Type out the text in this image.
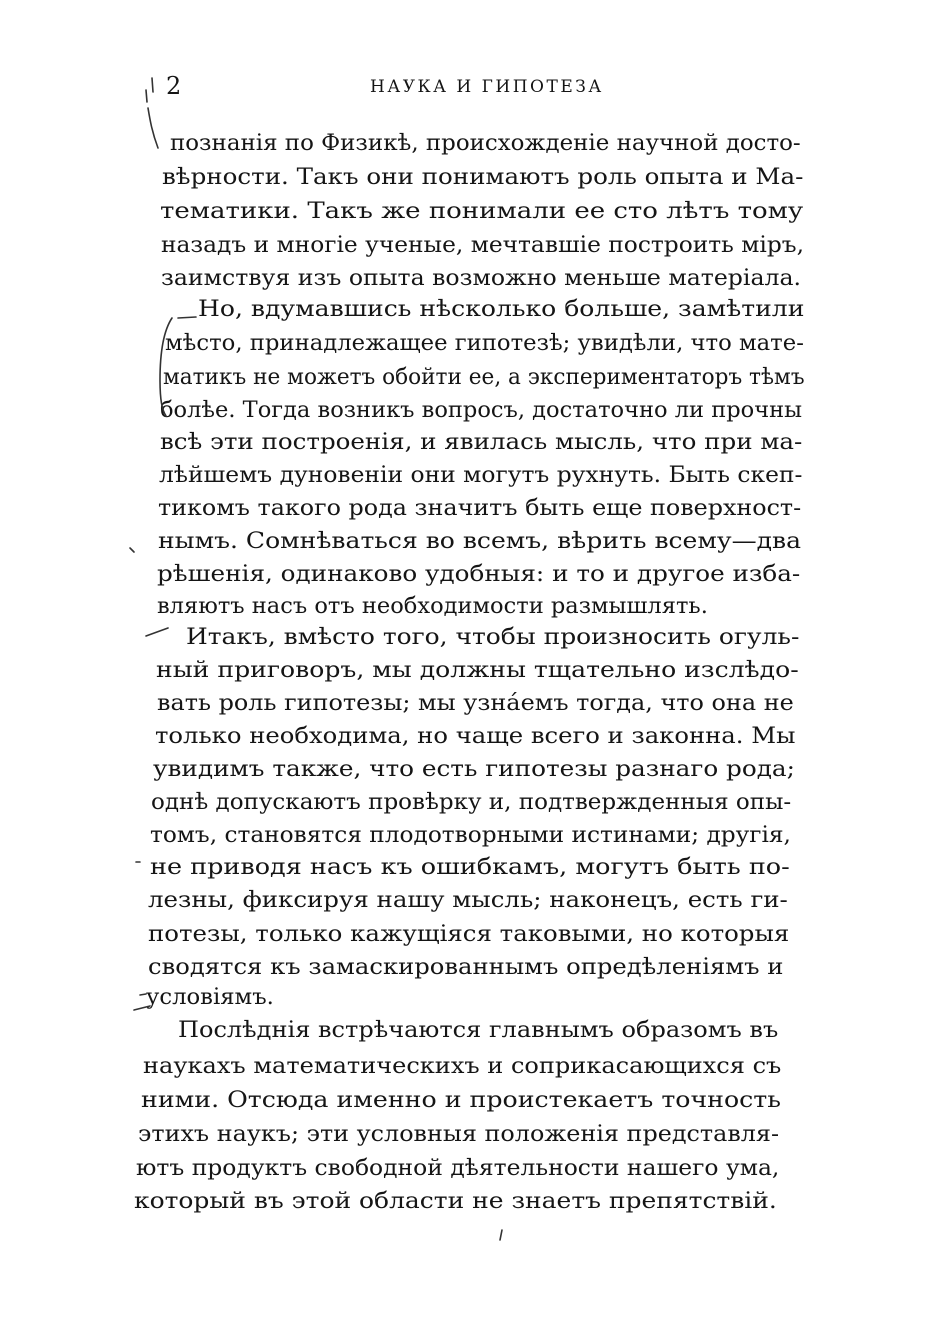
2	НАУКА И ГИПОТЕЗА
познанія по Физикѣ, происхожденіе научной досто-
вѣрности. Такъ они понимаютъ роль опыта и Ма-
тематики. Такъ же понимали ее сто лѣтъ тому
назадъ и многіе ученые, мечтавшіе построить міръ,
заимствуя изъ опыта возможно меньше матеріала.
Но, вдумавшись нѣсколько больше, замѣтили
мѣсто, принадлежащее гипотезѣ; увидѣли, что мате-
матикъ не можетъ обойти ее, а экспериментаторъ тѣмъ
болѣе. Тогда возникъ вопросъ, достаточно ли прочны
всѣ эти построенія, и явилась мысль, что при ма-
лѣйшемъ дуновеніи они могутъ рухнуть. Быть скеп-
тикомъ такого рода значитъ быть еще поверхност-
нымъ. Сомнѣваться во всемъ, вѣрить всему—два
рѣшенія, одинаково удобныя: и то и другое изба-
вляютъ насъ отъ необходимости размышлять.
Итакъ, вмѣсто того, чтобы произносить огуль-
ный приговоръ, мы должны тщательно изслѣдо-
вать роль гипотезы; мы узнáемъ тогда, что она не
только необходима, но чаще всего и законна. Мы
увидимъ также, что есть гипотезы разнаго рода;
однѣ допускаютъ провѣрку и, подтвержденныя опы-
томъ, становятся плодотворными истинами; другія,
не приводя насъ къ ошибкамъ, могутъ быть по-
лезны, фиксируя нашу мысль; наконецъ, есть ги-
потезы, только кажущіяся таковыми, но которыя
сводятся къ замаскированнымъ опредѣленіямъ и
условіямъ.
Послѣднія встрѣчаются главнымъ образомъ въ
наукахъ математическихъ и соприкасающихся съ
ними. Отсюда именно и проистекаетъ точность
этихъ наукъ; эти условныя положенія представля-
ютъ продуктъ свободной дѣятельности нашего ума,
который въ этой области не знаетъ препятствій.
